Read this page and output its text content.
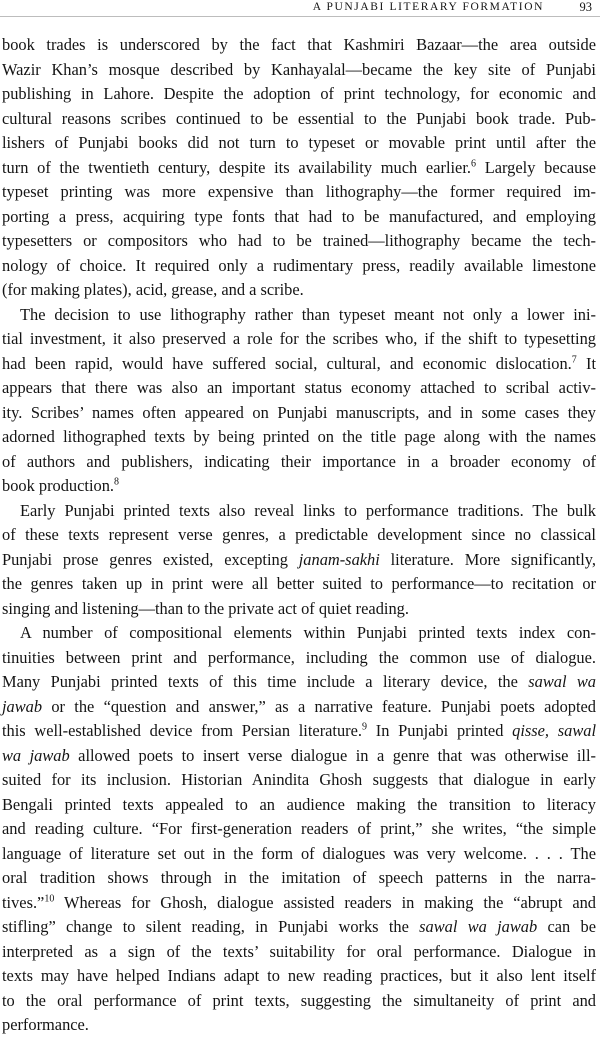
A PUNJABI LITERARY FORMATION	93
book trades is underscored by the fact that Kashmiri Bazaar—the area outside
Wazir Khan’s mosque described by Kanhayalal—became the key site of Punjabi
publishing in Lahore. Despite the adoption of print technology, for economic and
cultural reasons scribes continued to be essential to the Punjabi book trade. Pub-
lishers of Punjabi books did not turn to typeset or movable print until after the
turn of the twentieth century, despite its availability much earlier.$^6$ Largely because
typeset printing was more expensive than lithography—the former required im-
porting a press, acquiring type fonts that had to be manufactured, and employing
typesetters or compositors who had to be trained—lithography became the tech-
nology of choice. It required only a rudimentary press, readily available limestone
(for making plates), acid, grease, and a scribe.
The decision to use lithography rather than typeset meant not only a lower ini-
tial investment, it also preserved a role for the scribes who, if the shift to typesetting
had been rapid, would have suffered social, cultural, and economic dislocation.$^7$ It
appears that there was also an important status economy attached to scribal activ-
ity. Scribes’ names often appeared on Punjabi manuscripts, and in some cases they
adorned lithographed texts by being printed on the title page along with the names
of authors and publishers, indicating their importance in a broader economy of
book production.$^8$
Early Punjabi printed texts also reveal links to performance traditions. The bulk
of these texts represent verse genres, a predictable development since no classical
Punjabi prose genres existed, excepting janam-sakhi literature. More significantly,
the genres taken up in print were all better suited to performance—to recitation or
singing and listening—than to the private act of quiet reading.
A number of compositional elements within Punjabi printed texts index con-
tinuities between print and performance, including the common use of dialogue.
Many Punjabi printed texts of this time include a literary device, the sawal wa
jawab or the “question and answer,” as a narrative feature. Punjabi poets adopted
this well-established device from Persian literature.$^9$ In Punjabi printed qisse, sawal
wa jawab allowed poets to insert verse dialogue in a genre that was otherwise ill-
suited for its inclusion. Historian Anindita Ghosh suggests that dialogue in early
Bengali printed texts appealed to an audience making the transition to literacy
and reading culture. “For first-generation readers of print,” she writes, “the simple
language of literature set out in the form of dialogues was very welcome. . . . The
oral tradition shows through in the imitation of speech patterns in the narra-
tives.”$^{10}$ Whereas for Ghosh, dialogue assisted readers in making the “abrupt and
stifling” change to silent reading, in Punjabi works the sawal wa jawab can be
interpreted as a sign of the texts’ suitability for oral performance. Dialogue in
texts may have helped Indians adapt to new reading practices, but it also lent itself
to the oral performance of print texts, suggesting the simultaneity of print and
performance.
